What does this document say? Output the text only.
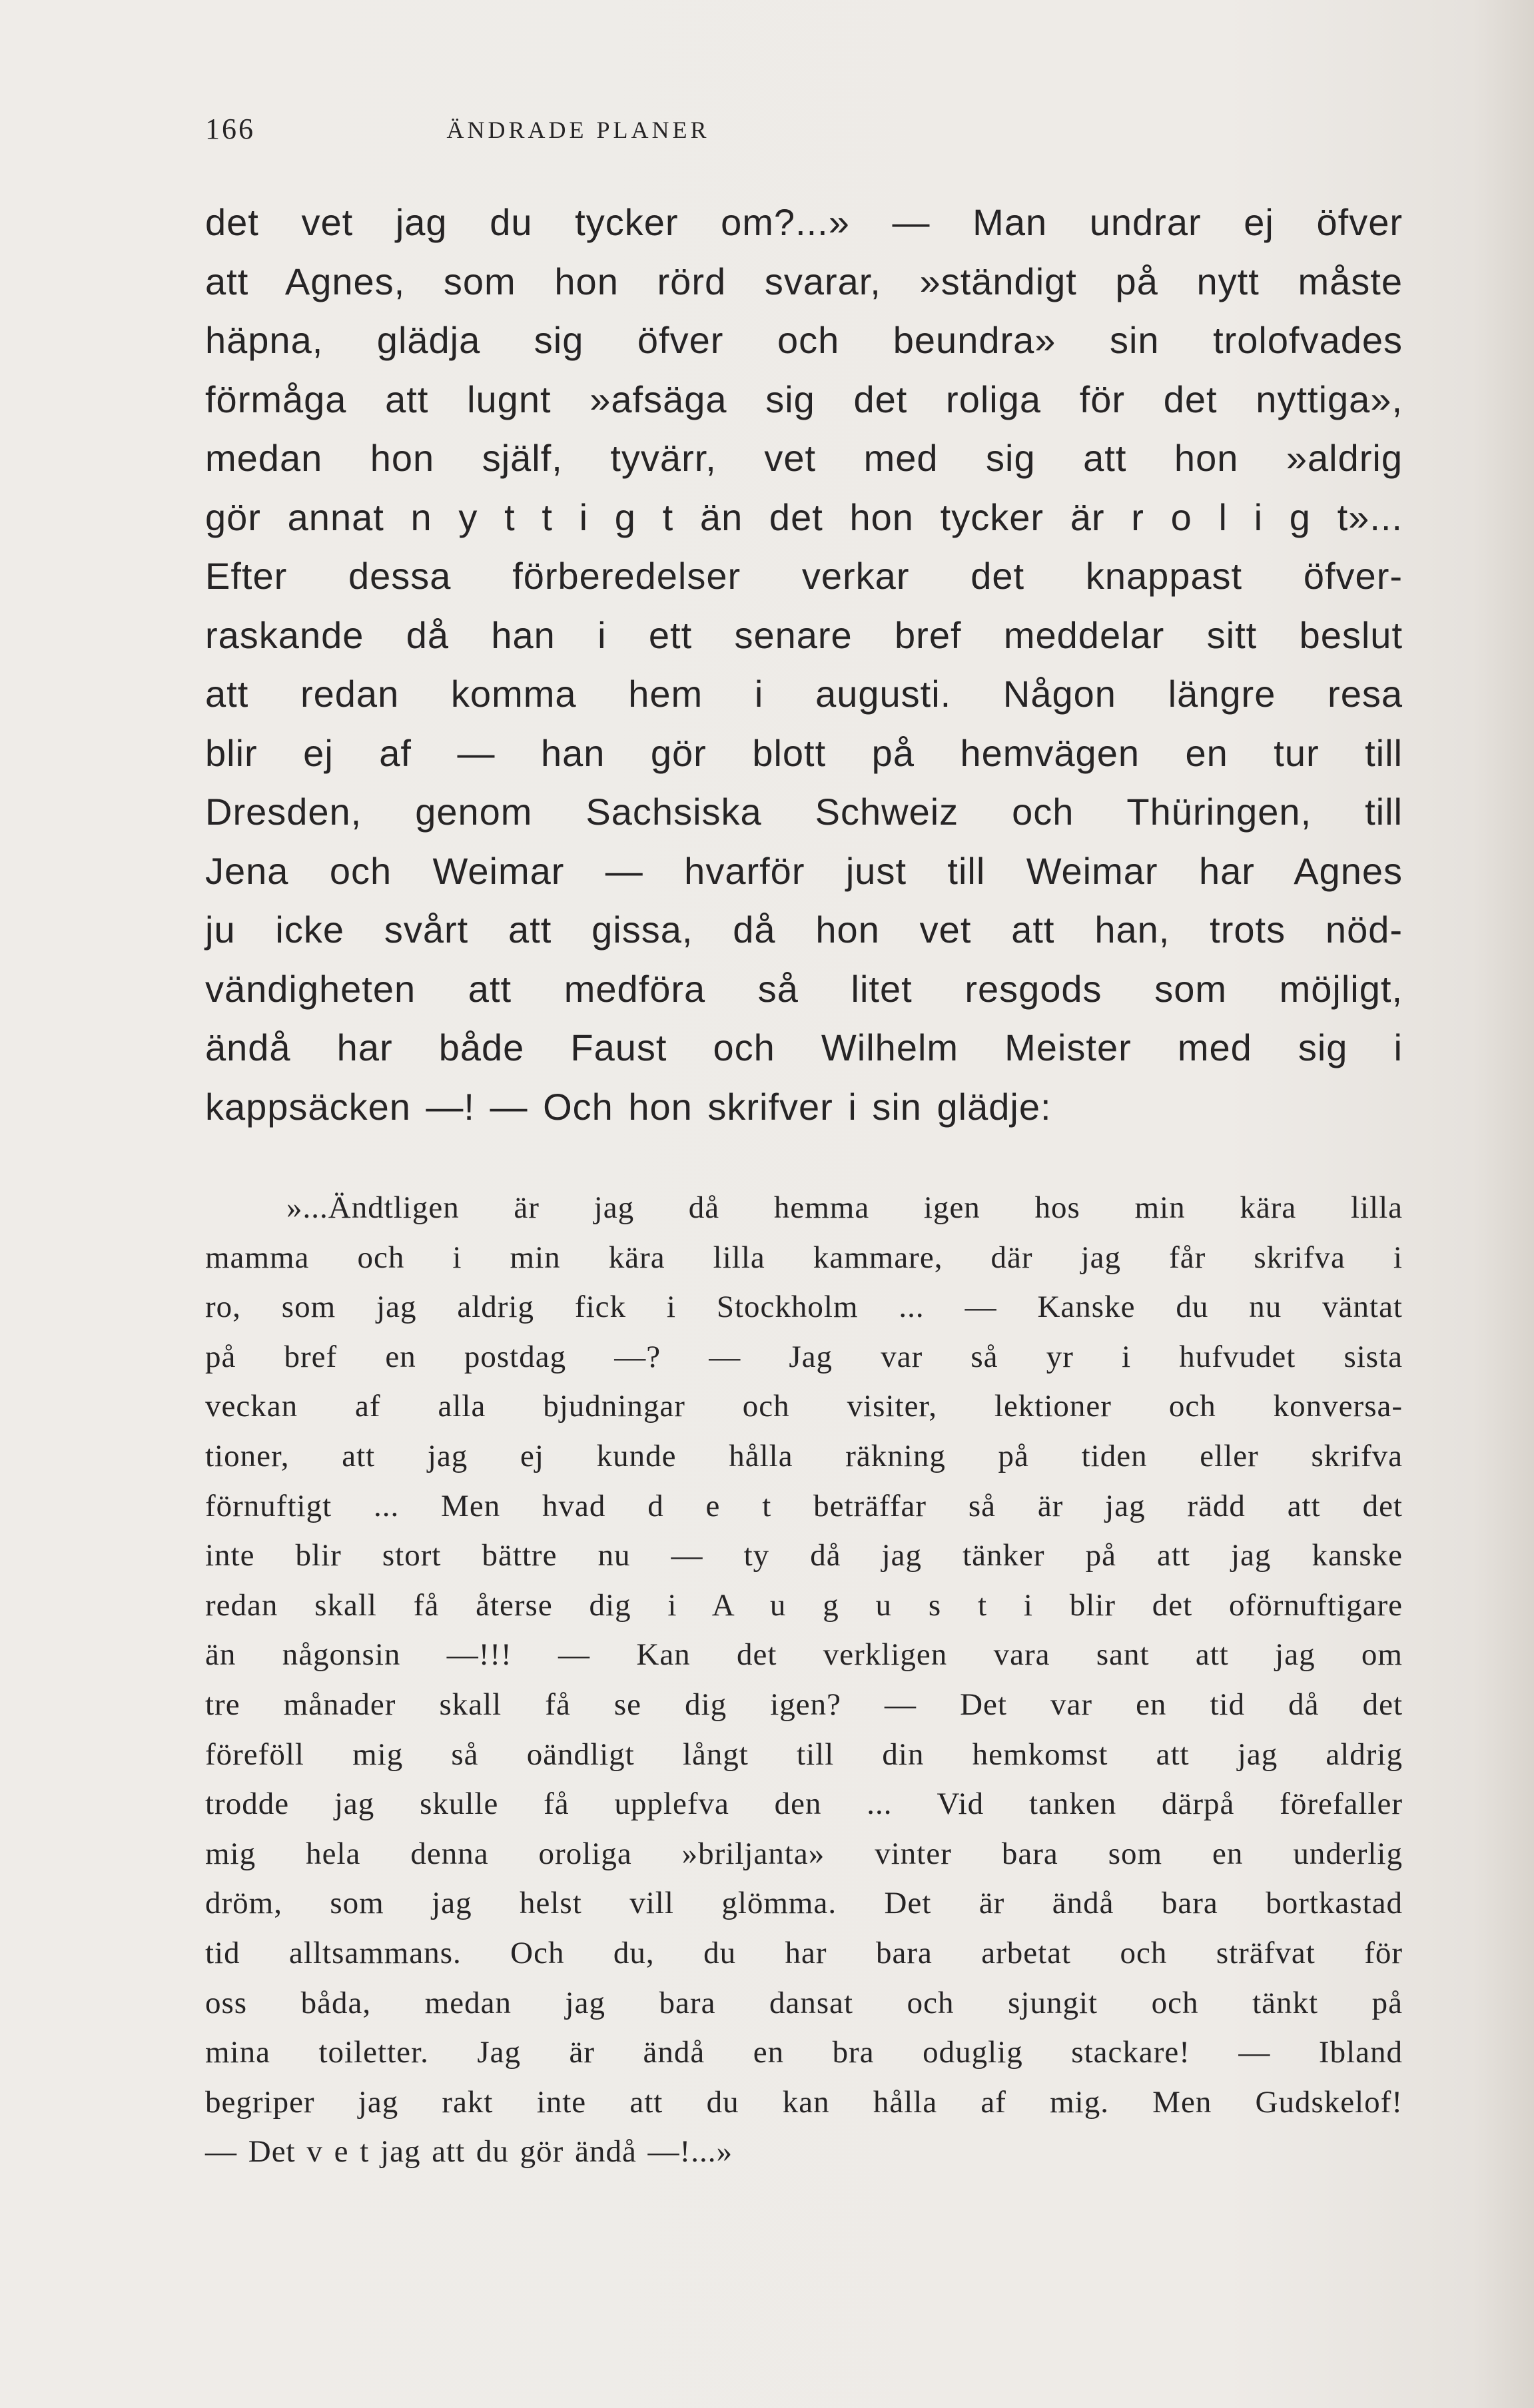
166	ÄNDRADE PLANER
det vet jag du tycker om?...» — Man undrar ej öfver
att Agnes, som hon rörd svarar, »ständigt på nytt måste
häpna, glädja sig öfver och beundra» sin trolofvades
förmåga att lugnt »afsäga sig det roliga för det nyttiga»,
medan hon själf, tyvärr, vet med sig att hon »aldrig
gör annat n y t t i g t än det hon tycker är r o l i g t»...
Efter dessa förberedelser verkar det knappast öfver-
raskande då han i ett senare bref meddelar sitt beslut
att redan komma hem i augusti. Någon längre resa
blir ej af — han gör blott på hemvägen en tur till
Dresden, genom Sachsiska Schweiz och Thüringen, till
Jena och Weimar — hvarför just till Weimar har Agnes
ju icke svårt att gissa, då hon vet att han, trots nöd-
vändigheten att medföra så litet resgods som möjligt,
ändå har både Faust och Wilhelm Meister med sig i
kappsäcken —! — Och hon skrifver i sin glädje:
»...Ändtligen är jag då hemma igen hos min kära lilla
mamma och i min kära lilla kammare, där jag får skrifva i
ro, som jag aldrig fick i Stockholm ... — Kanske du nu väntat
på bref en postdag —? — Jag var så yr i hufvudet sista
veckan af alla bjudningar och visiter, lektioner och konversa-
tioner, att jag ej kunde hålla räkning på tiden eller skrifva
förnuftigt ... Men hvad d e t beträffar så är jag rädd att det
inte blir stort bättre nu — ty då jag tänker på att jag kanske
redan skall få återse dig i A u g u s t i blir det oförnuftigare
än någonsin —!!! — Kan det verkligen vara sant att jag om
tre månader skall få se dig igen? — Det var en tid då det
föreföll mig så oändligt långt till din hemkomst att jag aldrig
trodde jag skulle få upplefva den ... Vid tanken därpå förefaller
mig hela denna oroliga »briljanta» vinter bara som en underlig
dröm, som jag helst vill glömma. Det är ändå bara bortkastad
tid alltsammans. Och du, du har bara arbetat och sträfvat för
oss båda, medan jag bara dansat och sjungit och tänkt på
mina toiletter. Jag är ändå en bra oduglig stackare! — Ibland
begriper jag rakt inte att du kan hålla af mig. Men Gudskelof!
— Det v e t jag att du gör ändå —!...»
